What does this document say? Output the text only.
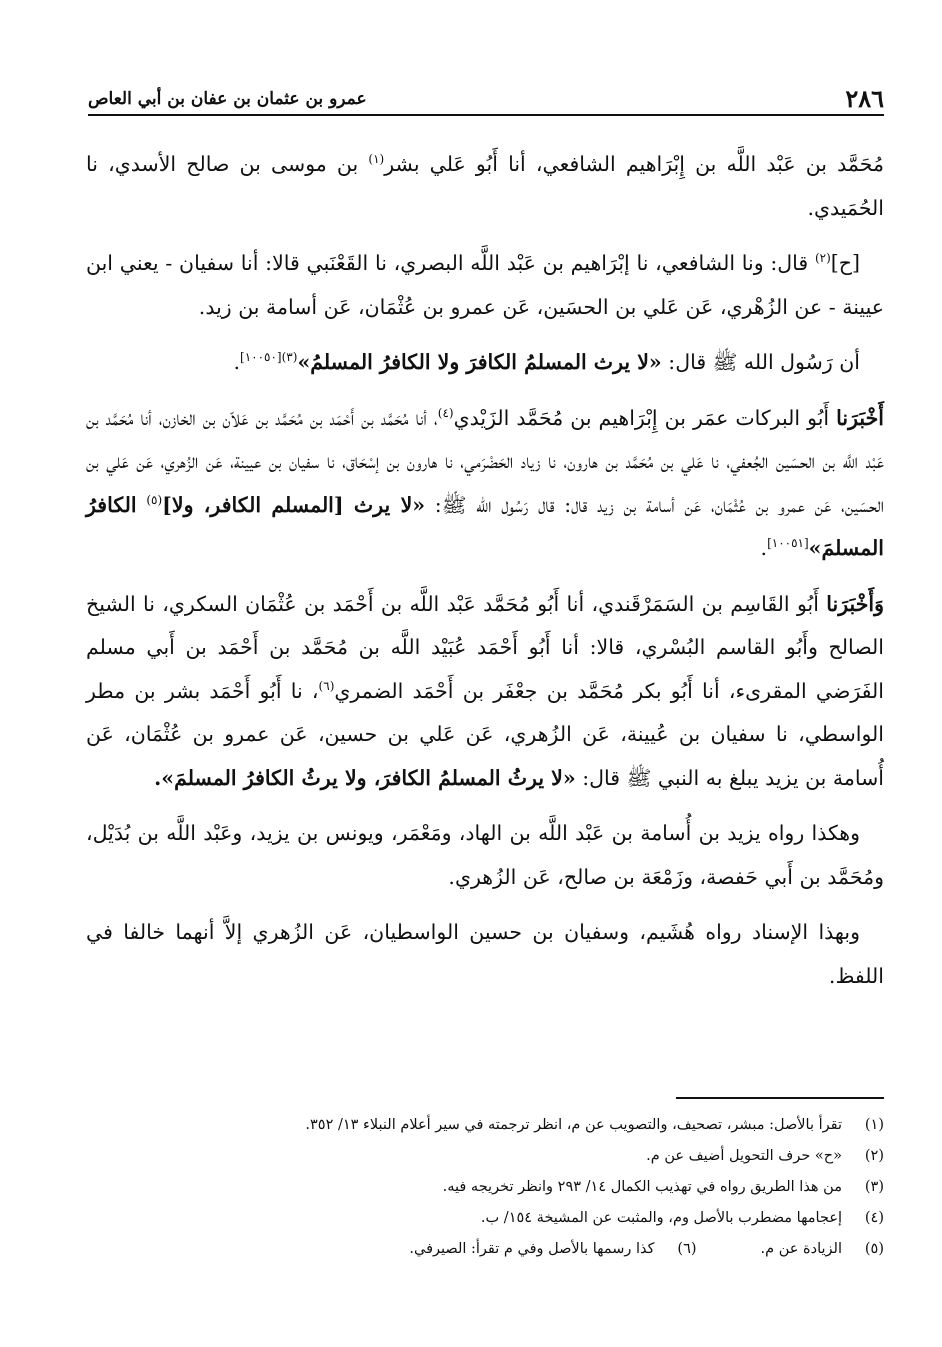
٢٨٦
عمرو بن عثمان بن عفان بن أبي العاص

مُحَمَّد بن عَبْد اللَّه بن إِبْرَاهيم الشافعي، أنا أَبُو عَلي بشر$^{(١)}$ بن موسى بن صالح الأسدي، نا الحُمَيدي.

[ح]$^{(٢)}$ قال: ونا الشافعي، نا إبْرَاهيم بن عَبْد اللَّه البصري، نا القَعْنَبي قالا: أنا سفيان - يعني ابن عيينة - عن الزُهْري، عَن عَلي بن الحسَين، عَن عمرو بن عُثْمَان، عَن أسامة بن زيد.

أن رَسُول الله ﷺ قال: «لا يرث المسلمُ الكافرَ ولا الكافرُ المسلمُ»$^{(٣)[١٠٠٥٠]}$.

أَخْبَرَنا أَبُو البركات عمَر بن إِبْرَاهيم بن مُحَمَّد الزَيْدي$^{(٤)}$، أنا مُحَمَّد بن أَحْمَد بن مُحَمَّد بن عَلاّن بن الخازن، أنا مُحَمَّد بن عَبْد اللَّه بن الحسَين الجُعفي، نا عَلي بن مُحَمَّد بن هارون، نا زياد الحَضْرَمي، نا هارون بن إسْحَاق، نا سفيان بن عيينة، عَن الزُهري، عَن عَلي بن الحسَين، عَن عمرو بن عُثْمَان، عَن أسامة بن زيد قال: قال رَسُول الله ﷺ: «لا يرث [المسلم الكافر، ولا]$^{(٥)}$ الكافرُ المسلمَ»[١٠٠٥١].

وَأَخْبَرَنا أَبُو القَاسِم بن السَمَرْقَندي، أنا أَبُو مُحَمَّد عَبْد اللَّه بن أَحْمَد بن عُثْمَان السكري، نا الشيخ الصالح وأَبُو القاسم البُسْري، قالا: أنا أَبُو أَحْمَد عُبَيْد اللَّه بن مُحَمَّد بن أَحْمَد بن أَبي مسلم الفَرَضي المقرىء، أنا أَبُو بكر مُحَمَّد بن جعْفَر بن أَحْمَد الضمري$^{(٦)}$، نا أَبُو أَحْمَد بشر بن مطر الواسطي، نا سفيان بن عُيينة، عَن الزُهري، عَن عَلي بن حسين، عَن عمرو بن عُثْمَان، عَن أُسامة بن يزيد يبلغ به النبي ﷺ قال: «لا يرثُ المسلمُ الكافرَ، ولا يرثُ الكافرُ المسلمَ».

وهكذا رواه يزيد بن أُسامة بن عَبْد اللَّه بن الهاد، ومَعْمَر، ويونس بن يزيد، وعَبْد اللَّه بن بُدَيْل، ومُحَمَّد بن أَبي حَفصة، وزَمْعَة بن صالح، عَن الزُهري.

وبهذا الإسناد رواه هُشَيم، وسفيان بن حسين الواسطيان، عَن الزُهري إلاَّ أنهما خالفا في اللفظ.

(١)
تقرأ بالأصل: مبشر، تصحيف، والتصويب عن م، انظر ترجمته في سير أعلام النبلاء ١٣/ ٣٥٢.
(٢)
«ح» حرف التحويل أضيف عن م.
(٣)
من هذا الطريق رواه في تهذيب الكمال ١٤/ ٢٩٣ وانظر تخريجه فيه.
(٤)
إعجامها مضطرب بالأصل وم، والمثبت عن المشيخة ١٥٤/ ب.
(٥)
الزيادة عن م.
(٦)
كذا رسمها بالأصل وفي م تقرأ: الصيرفي.
